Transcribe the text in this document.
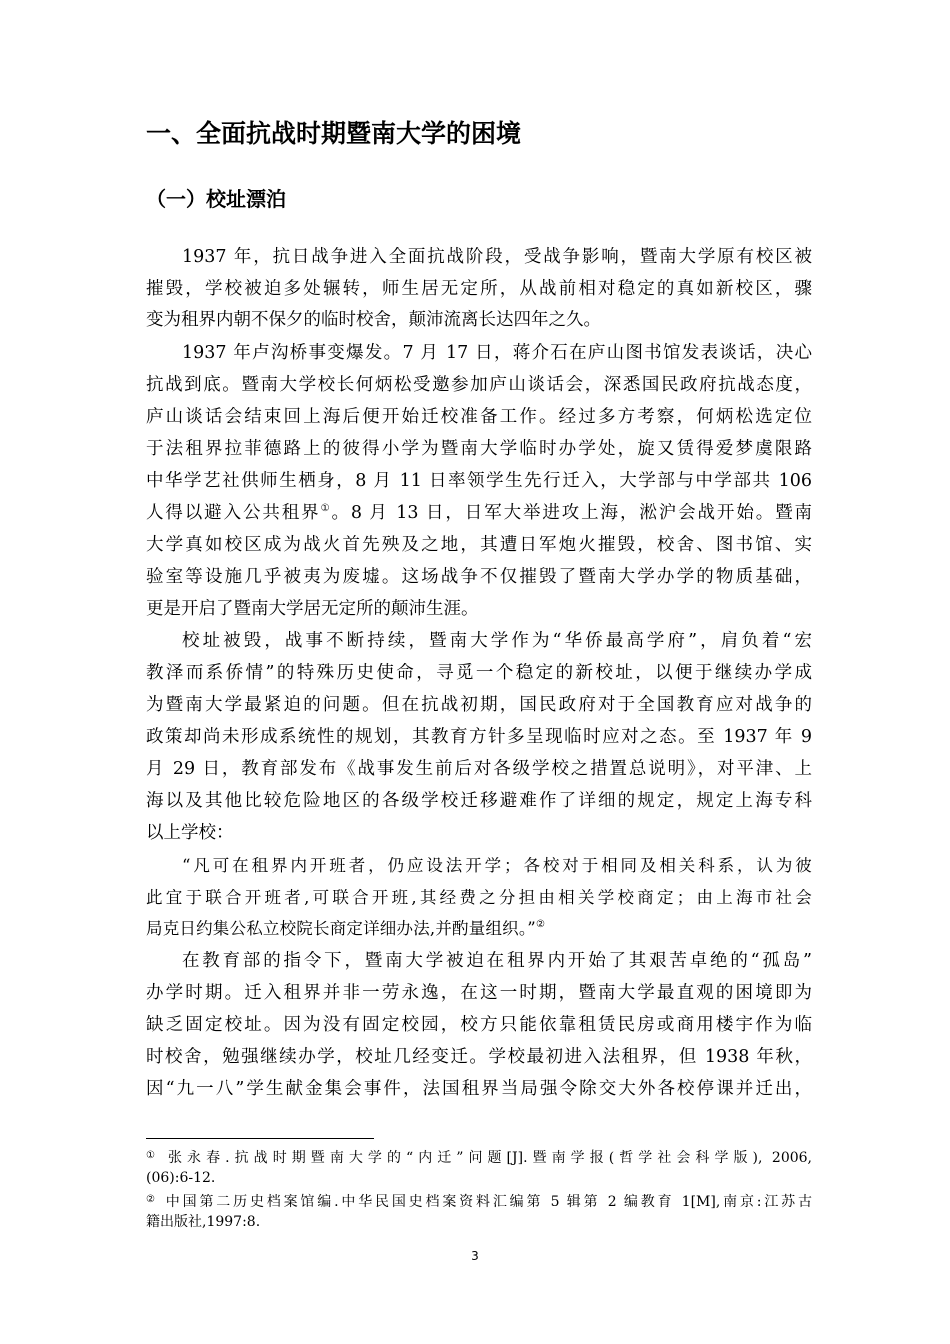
一、全面抗战时期暨南大学的困境
（一）校址漂泊
1937 年，抗日战争进入全面抗战阶段，受战争影响，暨南大学原有校区被
摧毁，学校被迫多处辗转，师生居无定所，从战前相对稳定的真如新校区，骤
变为租界内朝不保夕的临时校舍，颠沛流离长达四年之久。
1937 年卢沟桥事变爆发。7 月 17 日，蒋介石在庐山图书馆发表谈话，决心
抗战到底。暨南大学校长何炳松受邀参加庐山谈话会，深悉国民政府抗战态度，
庐山谈话会结束回上海后便开始迁校准备工作。经过多方考察，何炳松选定位
于法租界拉菲德路上的彼得小学为暨南大学临时办学处，旋又赁得爱梦虞限路
中华学艺社供师生栖身，8 月 11 日率领学生先行迁入，大学部与中学部共 106
人得以避入公共租界①。8 月 13 日，日军大举进攻上海，淞沪会战开始。暨南
大学真如校区成为战火首先殃及之地，其遭日军炮火摧毁，校舍、图书馆、实
验室等设施几乎被夷为废墟。这场战争不仅摧毁了暨南大学办学的物质基础，
更是开启了暨南大学居无定所的颠沛生涯。
校址被毁，战事不断持续，暨南大学作为“华侨最高学府”，肩负着“宏
教泽而系侨情”的特殊历史使命，寻觅一个稳定的新校址，以便于继续办学成
为暨南大学最紧迫的问题。但在抗战初期，国民政府对于全国教育应对战争的
政策却尚未形成系统性的规划，其教育方针多呈现临时应对之态。至 1937 年 9
月 29 日，教育部发布《战事发生前后对各级学校之措置总说明》，对平津、上
海以及其他比较危险地区的各级学校迁移避难作了详细的规定，规定上海专科
以上学校：
“凡可在租界内开班者，仍应设法开学；各校对于相同及相关科系，认为彼
此宜于联合开班者,可联合开班,其经费之分担由相关学校商定；由上海市社会
局克日约集公私立校院长商定详细办法,并酌量组织。”②
在教育部的指令下，暨南大学被迫在租界内开始了其艰苦卓绝的“孤岛”
办学时期。迁入租界并非一劳永逸，在这一时期，暨南大学最直观的困境即为
缺乏固定校址。因为没有固定校园，校方只能依靠租赁民房或商用楼宇作为临
时校舍，勉强继续办学，校址几经变迁。学校最初进入法租界，但 1938 年秋，
因“九一八”学生献金集会事件，法国租界当局强令除交大外各校停课并迁出，
① 张永春.抗战时期暨南大学的“内迁”问题[J].暨南学报(哲学社会科学版), 2006,
(06):6-12.
② 中国第二历史档案馆编.中华民国史档案资料汇编第 5 辑第 2 编教育 1[M],南京:江苏古
籍出版社,1997:8.
3
